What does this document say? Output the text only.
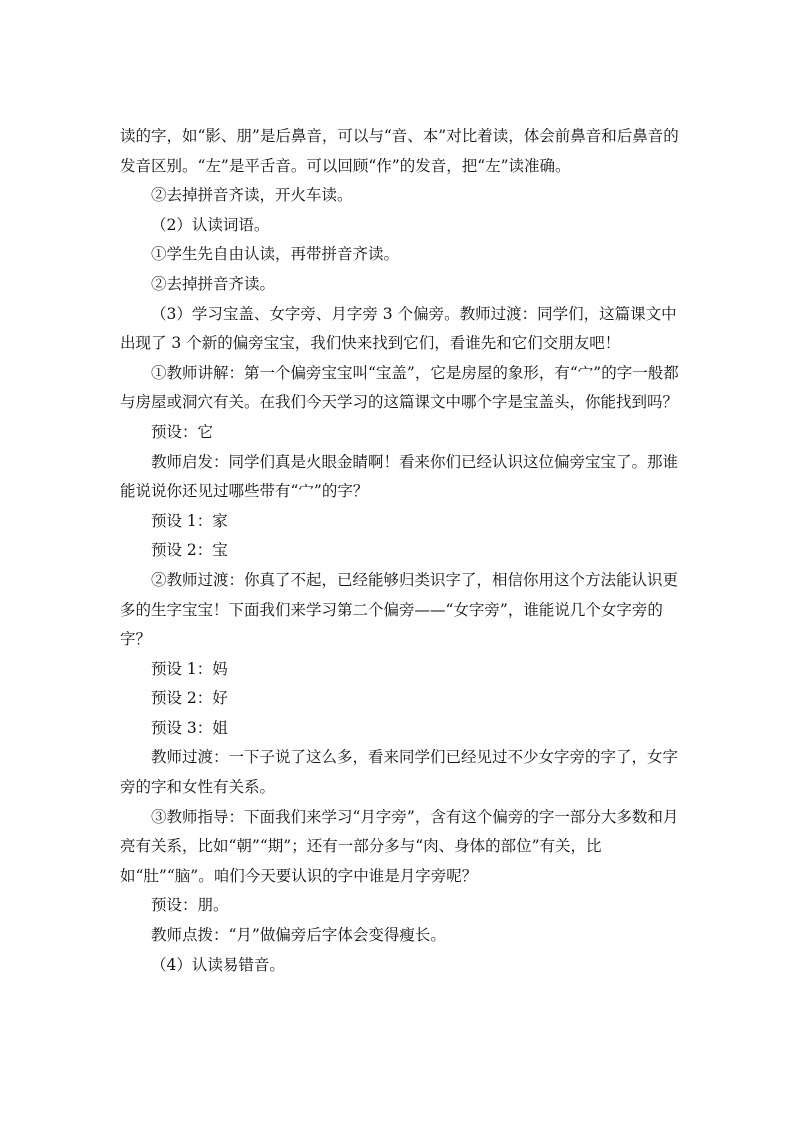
读的字，如“影、朋”是后鼻音，可以与“音、本”对比着读，体会前鼻音和后鼻音的发音区别。“左”是平舌音。可以回顾“作”的发音，把“左”读准确。

②去掉拼音齐读，开火车读。

（2）认读词语。

①学生先自由认读，再带拼音齐读。

②去掉拼音齐读。

（3）学习宝盖、女字旁、月字旁 3 个偏旁。教师过渡：同学们，这篇课文中出现了 3 个新的偏旁宝宝，我们快来找到它们，看谁先和它们交朋友吧！

①教师讲解：第一个偏旁宝宝叫“宝盖”，它是房屋的象形，有“宀”的字一般都与房屋或洞穴有关。在我们今天学习的这篇课文中哪个字是宝盖头，你能找到吗？

预设：它

教师启发：同学们真是火眼金睛啊！看来你们已经认识这位偏旁宝宝了。那谁能说说你还见过哪些带有“宀”的字？

预设 1：家

预设 2：宝

②教师过渡：你真了不起，已经能够归类识字了，相信你用这个方法能认识更多的生字宝宝！下面我们来学习第二个偏旁——“女字旁”，谁能说几个女字旁的字？

预设 1：妈

预设 2：好

预设 3：姐

教师过渡：一下子说了这么多，看来同学们已经见过不少女字旁的字了，女字旁的字和女性有关系。

③教师指导：下面我们来学习“月字旁”，含有这个偏旁的字一部分大多数和月亮有关系，比如“朝”“期”；还有一部分多与“肉、身体的部位”有关，比如“肚”“脑”。咱们今天要认识的字中谁是月字旁呢？

预设：朋。

教师点拨：“月”做偏旁后字体会变得瘦长。

（4）认读易错音。
